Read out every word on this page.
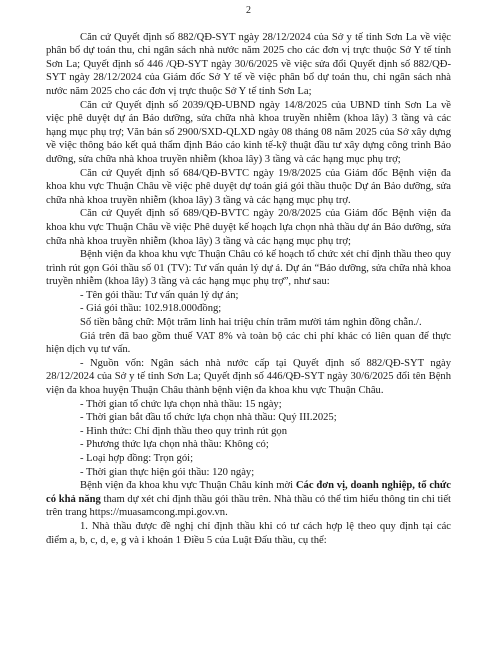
2

Căn cứ Quyết định số 882/QĐ-SYT ngày 28/12/2024 của Sở y tế tỉnh Sơn La về việc phân bổ dự toán thu, chi ngân sách nhà nước năm 2025 cho các đơn vị trực thuộc Sở Y tế tỉnh Sơn La; Quyết định số 446 /QĐ-SYT ngày 30/6/2025 về việc sửa đổi Quyết định số 882/QĐ-SYT ngày 28/12/2024 của Giám đốc Sở Y tế về việc phân bổ dự toán thu, chi ngân sách nhà nước năm 2025 cho các đơn vị trực thuộc Sở Y tế tỉnh Sơn La;

Căn cứ Quyết định số 2039/QĐ-UBND ngày 14/8/2025 của UBND tỉnh Sơn La về việc phê duyệt dự án Bảo dưỡng, sửa chữa nhà khoa truyền nhiễm (khoa lây) 3 tầng và các hạng mục phụ trợ; Văn bản số 2900/SXD-QLXD ngày 08 tháng 08 năm 2025 của Sở xây dựng về việc thông báo kết quả thẩm định Báo cáo kinh tế-kỹ thuật đầu tư xây dựng công trình Bảo dưỡng, sửa chữa nhà khoa truyền nhiễm (khoa lây) 3 tầng và các hạng mục phụ trợ;

Căn cứ Quyết định số 684/QĐ-BVTC ngày 19/8/2025 của Giám đốc Bệnh viện đa khoa khu vực Thuận Châu về việc phê duyệt dự toán giá gói thầu thuộc Dự án Bảo dưỡng, sửa chữa nhà khoa truyền nhiễm (khoa lây) 3 tầng và các hạng mục phụ trợ.

Căn cứ Quyết định số 689/QĐ-BVTC ngày 20/8/2025 của Giám đốc Bệnh viện đa khoa khu vực Thuận Châu về việc Phê duyệt kế hoạch lựa chọn nhà thầu dự án Bảo dưỡng, sửa chữa nhà khoa truyền nhiễm (khoa lây) 3 tầng và các hạng mục phụ trợ;

Bệnh viện đa khoa khu vực Thuận Châu có kế hoạch tổ chức xét chỉ định thầu theo quy trình rút gọn Gói thầu số 01 (TV): Tư vấn quản lý dự á. Dự án “Bảo dưỡng, sửa chữa nhà khoa truyền nhiễm (khoa lây) 3 tầng và các hạng mục phụ trợ”, như sau:

- Tên gói thầu: Tư vấn quản lý dự án;

- Giá gói thầu: 102.918.000đồng;

Số tiền bằng chữ: Một trăm linh hai triệu chín trăm mười tám nghìn đồng chẵn./.

Giá trên đã bao gồm thuế VAT 8% và toàn bộ các chi phí khác có liên quan để thực hiện dịch vụ tư vấn.

- Nguồn vốn: Ngân sách nhà nước cấp tại Quyết định số 882/QĐ-SYT ngày 28/12/2024 của Sở y tế tỉnh Sơn La; Quyết định số 446/QĐ-SYT ngày 30/6/2025 đổi tên Bệnh viện đa khoa huyện Thuận Châu thành bệnh viện đa khoa khu vực Thuận Châu.

- Thời gian tổ chức lựa chọn nhà thầu: 15 ngày;

- Thời gian bắt đầu tổ chức lựa chọn nhà thầu: Quý III.2025;

- Hình thức: Chỉ định thầu theo quy trình rút gọn

- Phương thức lựa chọn nhà thầu: Không có;

- Loại hợp đồng: Trọn gói;

- Thời gian thực hiện gói thầu: 120 ngày;

Bệnh viện đa khoa khu vực Thuận Châu kính mời Các đơn vị, doanh nghiệp, tổ chức có khả năng tham dự xét chỉ định thầu gói thầu trên. Nhà thầu có thể tìm hiểu thông tin chi tiết trên trang https://muasamcong.mpi.gov.vn.

1. Nhà thầu được đề nghị chỉ định thầu khi có tư cách hợp lệ theo quy định tại các điểm a, b, c, d, e, g và i khoản 1 Điều 5 của Luật Đấu thầu, cụ thể:
